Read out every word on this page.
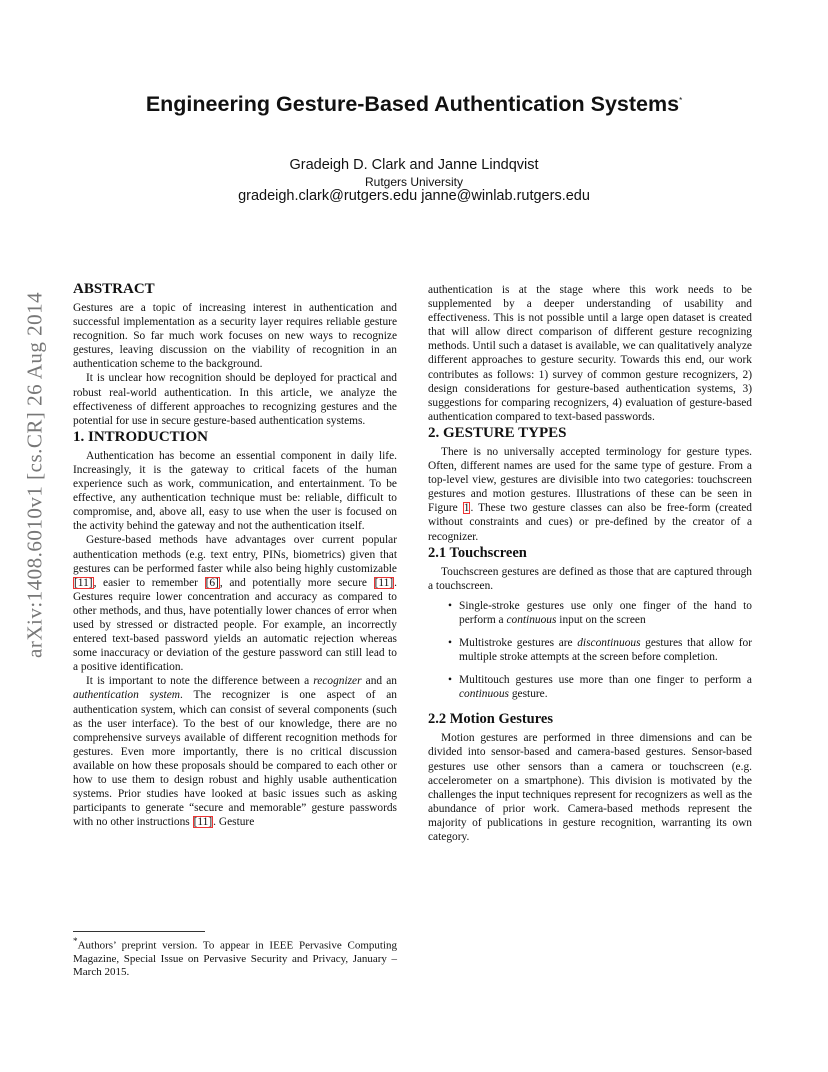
arXiv:1408.6010v1 [cs.CR] 26 Aug 2014
Engineering Gesture-Based Authentication Systems*
Gradeigh D. Clark and Janne Lindqvist
Rutgers University
gradeigh.clark@rutgers.edu janne@winlab.rutgers.edu
ABSTRACT

Gestures are a topic of increasing interest in authentication and successful implementation as a security layer requires reliable gesture recognition. So far much work focuses on new ways to recognize gestures, leaving discussion on the viability of recognition in an authentication scheme to the background.

It is unclear how recognition should be deployed for practical and robust real-world authentication. In this article, we analyze the effectiveness of different approaches to recognizing gestures and the potential for use in secure gesture-based authentication systems.

1. INTRODUCTION

Authentication has become an essential component in daily life. Increasingly, it is the gateway to critical facets of the human experience such as work, communication, and entertainment. To be effective, any authentication technique must be: reliable, difficult to compromise, and, above all, easy to use when the user is focused on the activity behind the gateway and not the authentication itself.

Gesture-based methods have advantages over current popular authentication methods (e.g. text entry, PINs, biometrics) given that gestures can be performed faster while also being highly customizable [11], easier to remember [6], and potentially more secure [11]. Gestures require lower concentration and accuracy as compared to other methods, and thus, have potentially lower chances of error when used by stressed or distracted people. For example, an incorrectly entered text-based password yields an automatic rejection whereas some inaccuracy or deviation of the gesture password can still lead to a positive identification.

It is important to note the difference between a recognizer and an authentication system. The recognizer is one aspect of an authentication system, which can consist of several components (such as the user interface). To the best of our knowledge, there are no comprehensive surveys available of different recognition methods for gestures. Even more importantly, there is no critical discussion available on how these proposals should be compared to each other or how to use them to design robust and highly usable authentication systems. Prior studies have looked at basic issues such as asking participants to generate “secure and memorable” gesture passwords with no other instructions [11]. Gesture

*Authors’ preprint version. To appear in IEEE Pervasive Computing Magazine, Special Issue on Pervasive Security and Privacy, January – March 2015.

authentication is at the stage where this work needs to be supplemented by a deeper understanding of usability and effectiveness. This is not possible until a large open dataset is created that will allow direct comparison of different gesture recognizing methods. Until such a dataset is available, we can qualitatively analyze different approaches to gesture security. Towards this end, our work contributes as follows: 1) survey of common gesture recognizers, 2) design considerations for gesture-based authentication systems, 3) suggestions for comparing recognizers, 4) evaluation of gesture-based authentication compared to text-based passwords.

2. GESTURE TYPES

There is no universally accepted terminology for gesture types. Often, different names are used for the same type of gesture. From a top-level view, gestures are divisible into two categories: touchscreen gestures and motion gestures. Illustrations of these can be seen in Figure 1. These two gesture classes can also be free-form (created without constraints and cues) or pre-defined by the creator of a recognizer.

2.1 Touchscreen

Touchscreen gestures are defined as those that are captured through a touchscreen.

• Single-stroke gestures use only one finger of the hand to perform a continuous input on the screen
• Multistroke gestures are discontinuous gestures that allow for multiple stroke attempts at the screen before completion.
• Multitouch gestures use more than one finger to perform a continuous gesture.
2.2 Motion Gestures

Motion gestures are performed in three dimensions and can be divided into sensor-based and camera-based gestures. Sensor-based gestures use other sensors than a camera or touchscreen (e.g. accelerometer on a smartphone). This division is motivated by the challenges the input techniques represent for recognizers as well as the abundance of prior work. Camera-based methods represent the majority of publications in gesture recognition, warranting its own category.
